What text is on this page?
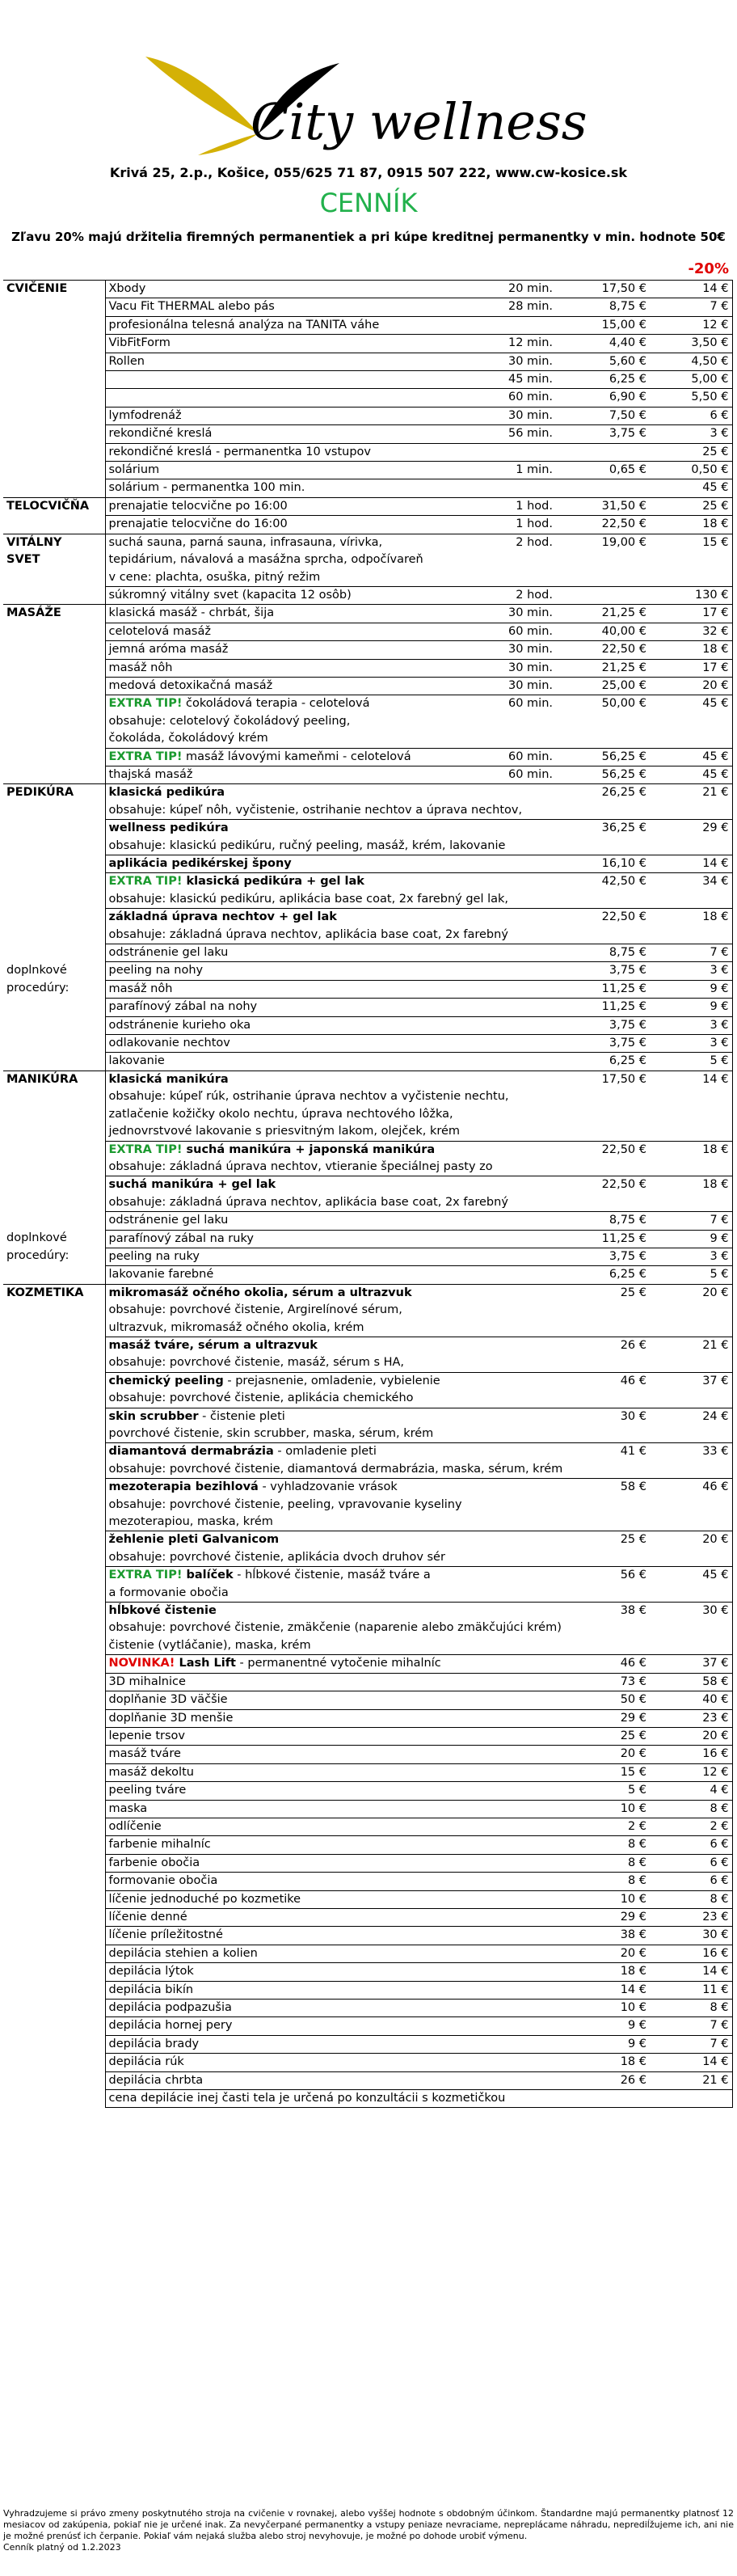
City wellness
Krivá 25, 2.p., Košice, 055/625 71 87, 0915 507 222, www.cw-kosice.sk
CENNÍK
Zľavu 20% majú držitelia firemných permanentiek a pri kúpe kreditnej permanentky v min. hodnote 50€
-20%
CVIČENIE	Xbody	20 min.	17,50 €	14 €
	Vacu Fit THERMAL alebo pás	28 min.	8,75 €	7 €
	profesionálna telesná analýza na TANITA váhe		15,00 €	12 €
	VibFitForm	12 min.	4,40 €	3,50 €
	Rollen	30 min.	5,60 €	4,50 €
		45 min.	6,25 €	5,00 €
		60 min.	6,90 €	5,50 €
	lymfodrenáž	30 min.	7,50 €	6 €
	rekondičné kreslá	56 min.	3,75 €	3 €
	rekondičné kreslá - permanentka 10 vstupov			25 €
	solárium	1 min.	0,65 €	0,50 €
	solárium - permanentka 100 min.			45 €
TELOCVIČŇA	prenajatie telocvične po 16:00	1 hod.	31,50 €	25 €
	prenajatie telocvične do 16:00	1 hod.	22,50 €	18 €
VITÁLNY	suchá sauna, parná sauna, infrasauna, vírivka,	2 hod.	19,00 €	15 €
SVET	tepidárium, návalová a masážna sprcha, odpočívareň			
	v cene: plachta, osuška, pitný režim			
	súkromný vitálny svet (kapacita 12 osôb)	2 hod.		130 €
MASÁŽE	klasická masáž - chrbát, šija	30 min.	21,25 €	17 €
	celotelová masáž	60 min.	40,00 €	32 €
	jemná aróma masáž	30 min.	22,50 €	18 €
	masáž nôh	30 min.	21,25 €	17 €
	medová detoxikačná masáž	30 min.	25,00 €	20 €
	EXTRA TIP! čokoládová terapia - celotelová	60 min.	50,00 €	45 €
	obsahuje: celotelový čokoládový peeling,			
	čokoláda, čokoládový krém			
	EXTRA TIP! masáž lávovými kameňmi - celotelová	60 min.	56,25 €	45 €
	thajská masáž	60 min.	56,25 €	45 €
PEDIKÚRA	klasická pedikúra		26,25 €	21 €
	obsahuje: kúpeľ nôh, vyčistenie, ostrihanie nechtov a úprava nechtov,			
	wellness pedikúra		36,25 €	29 €
	obsahuje: klasickú pedikúru, ručný peeling, masáž, krém, lakovanie			
	aplikácia pedikérskej špony		16,10 €	14 €
	EXTRA TIP! klasická pedikúra + gel lak		42,50 €	34 €
	obsahuje: klasickú pedikúru, aplikácia base coat, 2x farebný gel lak,			
	základná úprava nechtov + gel lak		22,50 €	18 €
	obsahuje: základná úprava nechtov, aplikácia base coat, 2x farebný			
	odstránenie gel laku		8,75 €	7 €
doplnkové	peeling na nohy		3,75 €	3 €
procedúry:	masáž nôh		11,25 €	9 €
	parafínový zábal na nohy		11,25 €	9 €
	odstránenie kurieho oka		3,75 €	3 €
	odlakovanie nechtov		3,75 €	3 €
	lakovanie		6,25 €	5 €
MANIKÚRA	klasická manikúra		17,50 €	14 €
	obsahuje: kúpeľ rúk, ostrihanie úprava nechtov a vyčistenie nechtu,			
	zatlačenie kožičky okolo nechtu, úprava nechtového lôžka,			
	jednovrstvové lakovanie s priesvitným lakom, olejček, krém			
	EXTRA TIP! suchá manikúra + japonská manikúra		22,50 €	18 €
	obsahuje: základná úprava nechtov, vtieranie špeciálnej pasty zo			
	suchá manikúra + gel lak		22,50 €	18 €
	obsahuje: základná úprava nechtov, aplikácia base coat, 2x farebný			
	odstránenie gel laku		8,75 €	7 €
doplnkové	parafínový zábal na ruky		11,25 €	9 €
procedúry:	peeling na ruky		3,75 €	3 €
	lakovanie farebné		6,25 €	5 €
KOZMETIKA	mikromasáž očného okolia, sérum a ultrazvuk		25 €	20 €
	obsahuje: povrchové čistenie, Argirelínové sérum,			
	ultrazvuk, mikromasáž očného okolia, krém			
	masáž tváre, sérum a ultrazvuk		26 €	21 €
	obsahuje: povrchové čistenie, masáž, sérum s HA,			
	chemický peeling - prejasnenie, omladenie, vybielenie		46 €	37 €
	obsahuje: povrchové čistenie, aplikácia chemického			
	skin scrubber - čistenie pleti		30 €	24 €
	povrchové čistenie, skin scrubber, maska, sérum, krém			
	diamantová dermabrázia - omladenie pleti		41 €	33 €
	obsahuje: povrchové čistenie, diamantová dermabrázia, maska, sérum, krém			
	mezoterapia bezihlová - vyhladzovanie vrások		58 €	46 €
	obsahuje: povrchové čistenie, peeling, vpravovanie kyseliny			
	mezoterapiou, maska, krém			
	žehlenie pleti Galvanicom		25 €	20 €
	obsahuje: povrchové čistenie, aplikácia dvoch druhov sér			
	EXTRA TIP! balíček - hĺbkové čistenie, masáž tváre a		56 €	45 €
	a formovanie obočia			
	hĺbkové čistenie		38 €	30 €
	obsahuje: povrchové čistenie, zmäkčenie (naparenie alebo zmäkčujúci krém)			
	čistenie (vytláčanie), maska, krém			
	NOVINKA! Lash Lift - permanentné vytočenie mihalníc		46 €	37 €
	3D mihalnice		73 €	58 €
	doplňanie 3D väčšie		50 €	40 €
	doplňanie 3D menšie		29 €	23 €
	lepenie trsov		25 €	20 €
	masáž tváre		20 €	16 €
	masáž dekoltu		15 €	12 €
	peeling tváre		5 €	4 €
	maska		10 €	8 €
	odlíčenie		2 €	2 €
	farbenie mihalníc		8 €	6 €
	farbenie obočia		8 €	6 €
	formovanie obočia		8 €	6 €
	líčenie jednoduché po kozmetike		10 €	8 €
	líčenie denné		29 €	23 €
	líčenie príležitostné		38 €	30 €
	depilácia stehien a kolien		20 €	16 €
	depilácia lýtok		18 €	14 €
	depilácia bikín		14 €	11 €
	depilácia podpazušia		10 €	8 €
	depilácia hornej pery		9 €	7 €
	depilácia brady		9 €	7 €
	depilácia rúk		18 €	14 €
	depilácia chrbta		26 €	21 €
	cena depilácie inej časti tela je určená po konzultácii s kozmetičkou			
Vyhradzujeme si právo zmeny poskytnutého stroja na cvičenie v rovnakej, alebo vyššej hodnote s obdobným účinkom. Štandardne majú permanentky platnosť 12 mesiacov od zakúpenia, pokiaľ nie je určené inak. Za nevyčerpané permanentky a vstupy peniaze nevraciame, nepreplácame náhradu, neprediĺžujeme ich, ani nie je možné prenúsť ich čerpanie. Pokiaľ vám nejaká služba alebo stroj nevyhovuje, je možné po dohode urobiť výmenu.
Cenník platný od 1.2.2023
